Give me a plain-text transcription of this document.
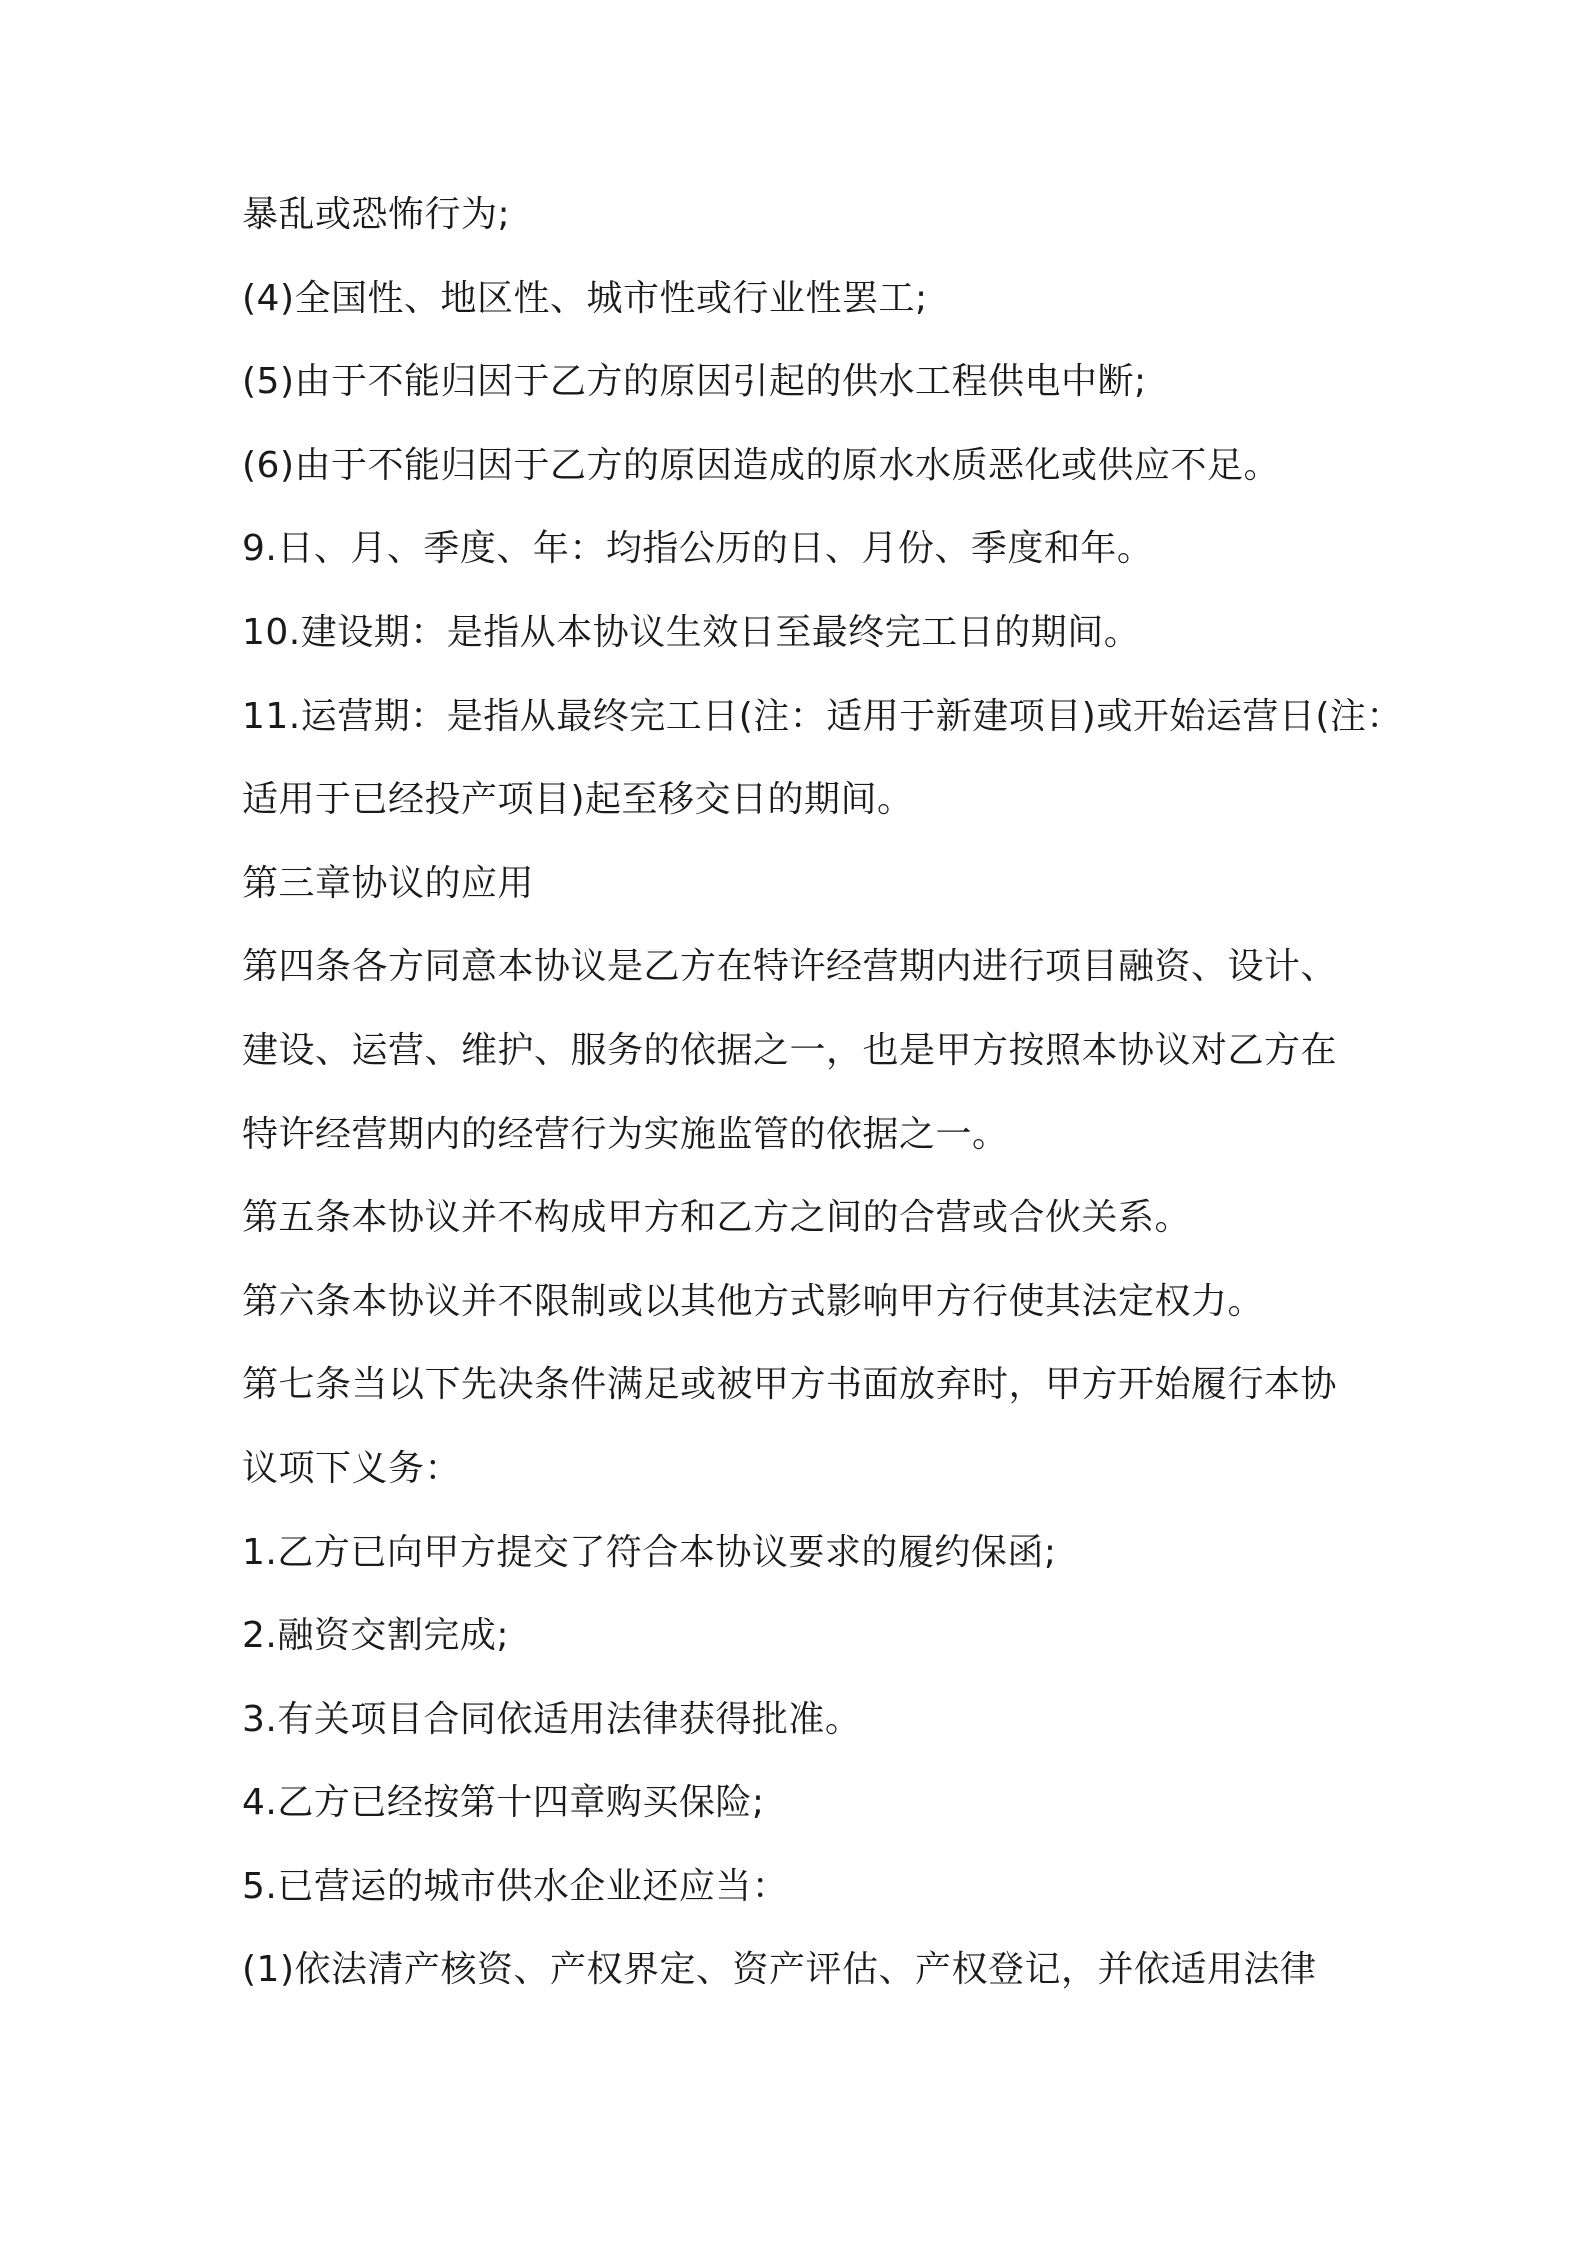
暴乱或恐怖行为;

(4)全国性、地区性、城市性或行业性罢工;

(5)由于不能归因于乙方的原因引起的供水工程供电中断;

(6)由于不能归因于乙方的原因造成的原水水质恶化或供应不足。

9.日、月、季度、年：均指公历的日、月份、季度和年。

10.建设期：是指从本协议生效日至最终完工日的期间。

11.运营期：是指从最终完工日(注：适用于新建项目)或开始运营日(注：

适用于已经投产项目)起至移交日的期间。

第三章协议的应用

第四条各方同意本协议是乙方在特许经营期内进行项目融资、设计、

建设、运营、维护、服务的依据之一，也是甲方按照本协议对乙方在

特许经营期内的经营行为实施监管的依据之一。

第五条本协议并不构成甲方和乙方之间的合营或合伙关系。

第六条本协议并不限制或以其他方式影响甲方行使其法定权力。

第七条当以下先决条件满足或被甲方书面放弃时，甲方开始履行本协

议项下义务：

1.乙方已向甲方提交了符合本协议要求的履约保函;

2.融资交割完成;

3.有关项目合同依适用法律获得批准。

4.乙方已经按第十四章购买保险;

5.已营运的城市供水企业还应当：

(1)依法清产核资、产权界定、资产评估、产权登记，并依适用法律
